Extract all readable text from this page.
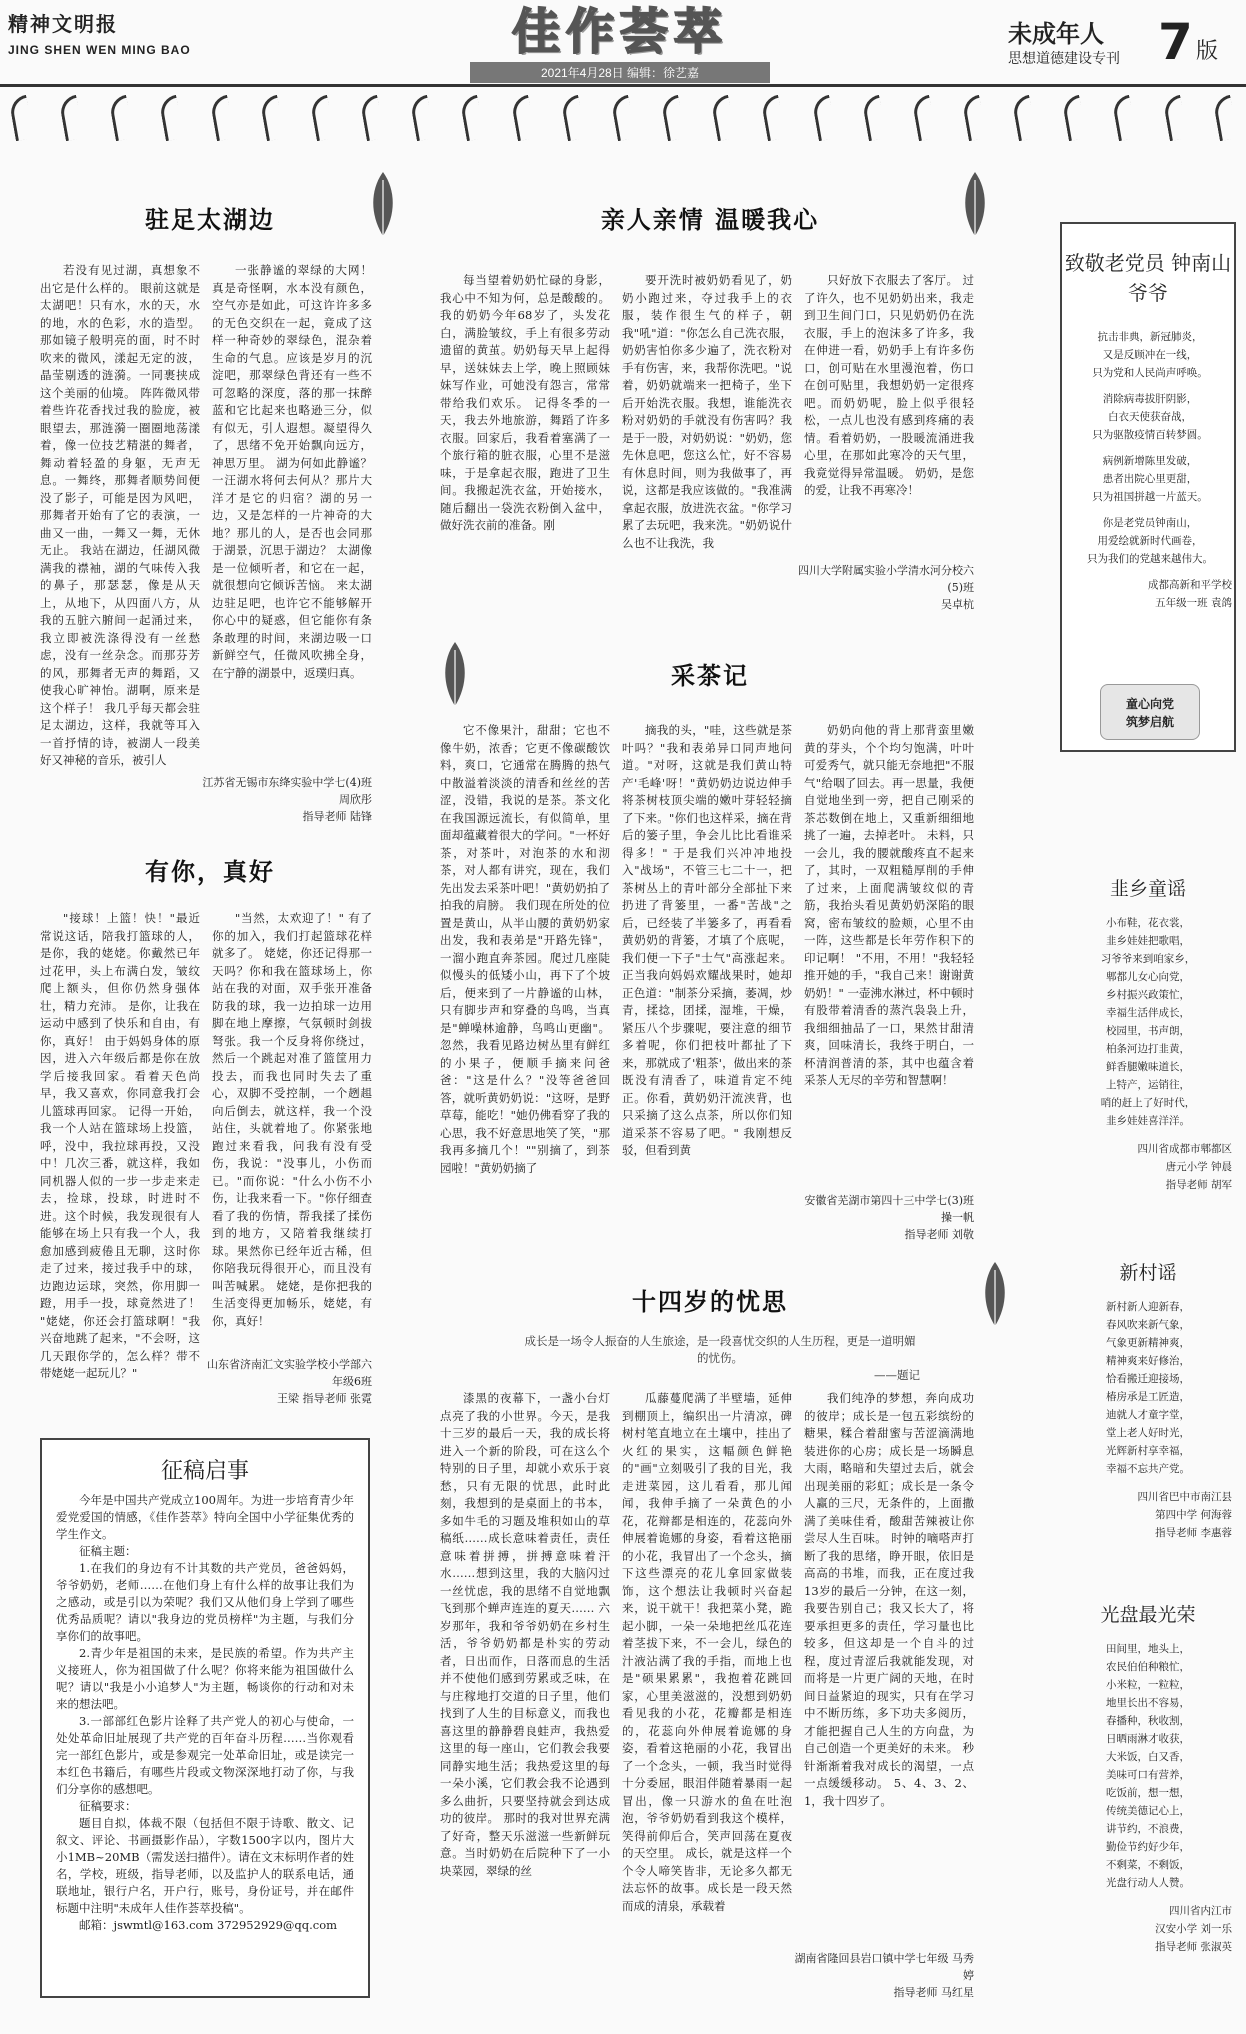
精神文明报
JING SHEN WEN MING BAO	佳作荟萃
2021年4月28日 编辑：徐艺嘉
未成年人
思想道德建设专刊 7 版
驻足太湖边

若没有见过湖，真想象不出它是什么样的。 眼前这就是太湖吧！只有水，水的天，水的地，水的色彩，水的造型。那如镜子般明亮的面，时不时吹来的微风，漾起无定的波，晶莹剔透的涟漪。一同裹挟成这个美丽的仙境。 阵阵微风带着些许花香找过我的脸庞，被眼望去，那涟漪一圈圈地荡漾着，像一位技艺精湛的舞者，舞动着轻盈的身躯，无声无息。一舞终，那舞者顺势间便没了影子，可能是因为风吧，那舞者开始有了它的表演，一曲又一曲，一舞又一舞，无休无止。 我站在湖边，任湖风微满我的襟袖，湖的气味传入我的鼻子，那瑟瑟，像是从天上，从地下，从四面八方，从我的五脏六腑间一起涌过来，我立即被洗涤得没有一丝愁虑，没有一丝杂念。而那芬芳的风，那舞者无声的舞蹈，又使我心旷神怡。湖啊，原来是这个样子！ 我几乎每天都会驻足太湖边，这样，我就等耳入一首抒情的诗，被湖人一段美好又神秘的音乐，被引人

一张静谧的翠绿的大网！真是奇怪啊，水本没有颜色，空气亦是如此，可这许许多多的无色交织在一起，竟成了这样一种奇妙的翠绿色，混杂着生命的气息。应该是岁月的沉淀吧，那翠绿色背还有一些不可忽略的深度，落的那一抹醉蓝和它比起来也略逊三分，似有似无，引人遐想。凝望得久了，思绪不免开始飘向远方，神思万里。 湖为何如此静谧？一汪湖水将何去何从？那片大洋才是它的归宿？湖的另一边，又是怎样的一片神奇的大地？那儿的人，是否也会同那于湖景，沉思于湖边？ 太湖像是一位倾听者，和它在一起，就很想向它倾诉苦恼。 来太湖边驻足吧，也许它不能够解开你心中的疑惑，但它能你有条条敢理的时间，来湖边吸一口新鲜空气，任微风吹拂全身，在宁静的湖景中，返璞归真。

江苏省无锡市东绛实验中学七(4)班周欣彤
指导老师 陆锋
有你，真好

"接球！上篮！快！"最近常说这话，陪我打篮球的人，是你，我的姥姥。你戴然已年过花甲，头上布满白发，皱纹爬上额头，但你仍然身强体壮，精力充沛。 是你，让我在运动中感到了快乐和自由，有你，真好！ 由于妈妈身体的原因，进入六年级后都是你在放学后接我回家。看着天色尚早，我又喜欢，你同意我打会儿篮球再回家。 记得一开始，我一个人站在篮球场上投篮，呼，没中，我拉球再投，又没中！几次三番，就这样，我如同机器人似的一步一步走来走去，捡球，投球，时进时不进。这个时候，我发现很有人能够在场上只有我一个人，我愈加感到疲倦且无聊，这时你走了过来，接过我手中的球，边跑边运球，突然，你用脚一蹬，用手一投，球竟然进了！ "姥姥，你还会打篮球啊！"我兴奋地跳了起来，"不会呀，这几天跟你学的，怎么样？带不带姥姥一起玩儿？"

"当然，太欢迎了！" 有了你的加入，我们打起篮球花样就多了。 姥姥，你还记得那一天吗？你和我在篮球场上，你站在我的对面，双手张开准备防我的球，我一边拍球一边用脚在地上摩擦，气氛顿时剑拔弩张。我一个反身将你绕过，然后一个跳起对准了篮筐用力投去，而我也同时失去了重心，双脚不受控制，一个趔趄向后倒去，就这样，我一个没站住，头就着地了。你紧张地跑过来看我，问我有没有受伤，我说："没事儿，小伤而已。"而你说："什么小伤不小伤，让我来看一下。"你仔细查看了我的伤情，帮我揉了揉伤到的地方，又陪着我继续打球。果然你已经年近古稀，但你陪我玩得很开心，而且没有叫苦喊累。 姥姥，是你把我的生活变得更加畅乐，姥姥，有你，真好！

山东省济南汇文实验学校小学部六年级6班
王梁 指导老师 张霓
征稿启事

今年是中国共产党成立100周年。为进一步培育青少年爱党爱国的情感，《佳作荟萃》特向全国中小学征集优秀的学生作文。

征稿主题：

1.在我们的身边有不计其数的共产党员，爸爸妈妈，爷爷奶奶，老师……在他们身上有什么样的故事让我们为之感动，或是引以为荣呢？我们又从他们身上学到了哪些优秀品质呢？请以"我身边的党员榜样"为主题，与我们分享你们的故事吧。

2.青少年是祖国的未来，是民族的希望。作为共产主义接班人，你为祖国做了什么呢？你将来能为祖国做什么呢？请以"我是小小追梦人"为主题，畅谈你的行动和对未来的想法吧。

3.一部部红色影片诠释了共产党人的初心与使命，一处处革命旧址展现了共产党的百年奋斗历程……当你观看完一部红色影片，或是参观完一处革命旧址，或是读完一本红色书籍后，有哪些片段或文物深深地打动了你，与我们分享你的感想吧。

征稿要求：

题目自拟，体裁不限（包括但不限于诗歌、散文、记叙文、评论、书画摄影作品），字数1500字以内，图片大小1MB~20MB（需发送扫描件）。请在文末标明作者的姓名，学校，班级，指导老师，以及监护人的联系电话，通联地址，银行户名，开户行，账号，身份证号，并在邮件标题中注明"未成年人佳作荟萃投稿"。

邮箱：jswmtl@163.com 372952929@qq.com

亲人亲情 温暖我心

每当望着奶奶忙碌的身影，我心中不知为何，总是酸酸的。 我的奶奶今年68岁了，头发花白，满脸皱纹，手上有很多劳动遗留的黄茧。奶奶每天早上起得早，送妹妹去上学，晚上照顾妹妹写作业，可她没有怨言，常常带给我们欢乐。 记得冬季的一天，我去外地旅游，舞蹈了许多衣服。回家后，我看着塞满了一个旅行箱的脏衣服，心里不是滋味，于是拿起衣服，跑进了卫生间。我搬起洗衣盆，开始接水，随后翻出一袋洗衣粉倒入盆中，做好洗衣前的准备。刚

要开洗时被奶奶看见了，奶奶小跑过来，夺过我手上的衣服，装作很生气的样子，朝我"吼"道："你怎么自己洗衣服，奶奶害怕你多少遍了，洗衣粉对手有伤害，来，我帮你洗吧。"说着，奶奶就端来一把椅子，坐下后开始洗衣服。我想，谁能洗衣粉对奶奶的手就没有伤害吗？我是于一股，对奶奶说："奶奶，您先休息吧，您这么忙，好不容易有休息时间，则为我做事了，再说，这都是我应该做的。"我准满拿起衣服，放进洗衣盆。"你学习累了去玩吧，我来洗。"奶奶说什么也不让我洗，我

只好放下衣服去了客厅。 过了许久，也不见奶奶出来，我走到卫生间门口，只见奶奶仍在洗衣服，手上的泡沫多了许多，我在伸进一看，奶奶手上有许多伤口，创可贴在水里漫泡着，伤口在创可贴里，我想奶奶一定很疼吧。而奶奶呢，脸上似乎很轻松，一点儿也没有感到疼痛的表情。看着奶奶，一股暖流涌进我心里，在那如此寒冷的天气里，我竟觉得异常温暖。 奶奶，是您的爱，让我不再寒冷！

四川大学附属实验小学清水河分校六(5)班
吴卓杭
采茶记

它不像果汁，甜甜；它也不像牛奶，浓香；它更不像碳酸饮料，爽口，它通常在腾腾的热气中散溢着淡淡的清香和丝丝的苦涩，没错，我说的是茶。茶文化在我国源远流长，有似简单，里面却蕴藏着很大的学问。"一杯好茶，对茶叶，对泡茶的水和沏茶，对人都有讲究，现在，我们先出发去采茶叶吧！"黄奶奶拍了拍我的肩膀。 我们现在所处的位置是黄山，从半山腰的黄奶奶家出发，我和表弟是"开路先锋"，一溜小跑直奔茶园。爬过几座陡似慢头的低矮小山，再下了个坡后，便来到了一片静谧的山林，只有脚步声和穿叠的鸟鸣，当真是"蝉噪林逾静，鸟鸣山更幽"。忽然，我看见路边树丛里有鲜红的小果子，便顺手摘来问爸爸："这是什么？"没等爸爸回答，就听黄奶奶说："这呀，是野草莓，能吃！"她仍佛看穿了我的心思，我不好意思地笑了笑，"那我再多摘几个！""别摘了，到茶园啦！"黄奶奶摘了

摘我的头，"哇，这些就是茶叶吗？"我和表弟异口同声地问道。"对呀，这就是我们黄山特产'毛峰'呀！"黄奶奶边说边伸手将茶树枝顶尖端的嫩叶芽轻轻摘了下来。"你们也这样采，摘在背后的篓子里，争会儿比比看谁采得多！" 于是我们兴冲冲地投入"战场"，不管三七二十一，把茶树丛上的青叶部分全部扯下来扔进了背篓里，一番"苦战"之后，已经装了半篓多了，再看看黄奶奶的背篓，才填了个底呢，我们便一下子"士气"高涨起来。 正当我向妈妈欢耀战果时，她却正色道："制茶分采摘，萎凋，炒青，揉捻，团揉，湿堆，干燥，紧压八个步骤呢，要注意的细节多着呢，你们把枝叶都扯了下来，那就成了'粗茶'，做出来的茶既没有清香了，味道肯定不纯正。你看，黄奶奶汗流浃背，也只采摘了这么点茶，所以你们知道采茶不容易了吧。" 我刚想反驳，但看到黄

奶奶向他的背上那背蛮里嫩黄的芽头，个个均匀饱满，叶叶可爱秀气，就只能无奈地把"不服气"给咽了回去。再一思量，我便自觉地坐到一旁，把自己刚采的茶芯数倒在地上，又重新细细地挑了一遍，去掉老叶。 未料，只一会儿，我的腰就酸疼直不起来了，其时，一双粗糙厚削的手伸了过来，上面爬满皱纹似的青筋，我抬头看见黄奶奶深陷的眼窝，密布皱纹的脸颊，心里不由一阵，这些都是长年劳作积下的印记啊！ "不用，不用！"我轻轻推开她的手，"我自己来！谢谢黄奶奶！" 一壶沸水淋过，杯中顿时有股带着清香的蒸汽袅袅上升，我细细抽品了一口，果然甘甜清爽，回味清长，我终于明白，一杯清润普清的茶，其中也蕴含着采茶人无尽的辛劳和智慧啊！

安徽省芜湖市第四十三中学七(3)班 操一帆
指导老师 刘敬
十四岁的忧思
成长是一场令人振奋的人生旅途，是一段喜忧交织的人生历程，更是一道明媚的忧伤。
——题记

漆黑的夜幕下，一盏小台灯点亮了我的小世界。今天，是我十三岁的最后一天，我的成长将进入一个新的阶段，可在这么个特别的日子里，却就小欢乐于哀愁，只有无限的忧思，此时此刻，我想到的是桌面上的书本，多如牛毛的习题及堆积如山的草稿纸……成长意味着责任，责任意味着拼搏，拼搏意味着汗水……想到这里，我的大脑闪过一丝忧虑，我的思绪不自觉地飘飞到那个蝉声连连的夏天…… 六岁那年，我和爷爷奶奶在乡村生活，爷爷奶奶都是朴实的劳动者，日出而作，日落而息的生活并不使他们感到劳累或乏味，在与庄稼地打交道的日子里，他们找到了人生的目标意义，而我也喜这里的静静碧良蛙声，我热爱这里的每一座山，它们教会我要同静实地生活；我热爱这里的每一朵小溪，它们教会我不论遇到多么曲折，只要坚持就会到达成功的彼岸。 那时的我对世界充满了好奇，整天乐滋滋一些新鲜玩意。当时奶奶在后院种下了一小块菜园，翠绿的丝

瓜藤蔓爬满了半壁墙，延伸到棚顶上，编织出一片清凉，碑树村笔直地立在土壤中，挂出了火红的果实，这幅颜色鲜艳的"画"立刻吸引了我的目光，我走进菜园，这儿看看，那儿闻闻，我伸手摘了一朵黄色的小花，花辩都是相连的，花蕊向外伸展着诡娜的身姿，看着这艳丽的小花，我冒出了一个念头，摘下这些漂亮的花儿拿回家做装饰，这个想法让我顿时兴奋起来，说干就干！我把菜小凳，跪起小脚，一朵一朵地把丝瓜花连着茎拔下来，不一会儿，绿色的汁液沾满了我的手指，而地上也是"硕果累累"，我抱着花跳回家，心里美滋滋的，没想到奶奶看见我的小花，花瓣都是相连的，花蕊向外伸展着诡娜的身姿，看着这艳丽的小花，我冒出了一个念头，一顿，我当时觉得十分委屈，眼泪伴随着暴雨一起冒出，像一只游水的鱼在吐泡泡，爷爷奶奶看到我这个模样，笑得前仰后合，笑声回荡在夏夜的天空里。 成长，就是这样一个个令人啼笑皆非，无论多久都无法忘怀的故事。成长是一段天然而成的清泉，承载着

我们纯净的梦想，奔向成功的彼岸；成长是一包五彩缤纷的糖果，糅合着甜蜜与苦涩滴满地装进你的心房；成长是一场瞬息大雨，略暗和失望过去后，就会出现美丽的彩虹；成长是一条令人赢的三尺，无条件的，上面撒满了美味佳肴，酸甜苦辣被让你尝尽人生百味。 时钟的嘀嗒声打断了我的思绪，睁开眼，依旧是高高的书堆，而我，正在度过我13岁的最后一分钟，在这一刻，我要告别自己；我又长大了，将要承担更多的责任，学习量也比较多，但这却是一个自斗的过程，度过青涩后我就能发现，对而将是一片更广阔的天地，在时间日益紧迫的现实，只有在学习中不断历练，多下功夫多阅历，才能把握自己人生的方向盘，为自己创造一个更美好的未来。 秒针渐渐着我对成长的渴望，一点一点缓缓移动。 5、4、3、2、1，我十四岁了。

湖南省隆回县岩口镇中学七年级 马秀婷
指导老师 马红星
致敬老党员 钟南山爷爷
抗击非典，新冠肺炎，
又是反顾冲在一线，
只为党和人民尚声呼唤。
消除病毒拔肝阴影，
白衣天使获奋战，
只为驱散疫情百转梦圆。
病例新增陈里发破，
患者出院心里更甜，
只为祖国拼越一片蓝天。
你是老党员钟南山，
用爱绘就新时代画卷，
只为我们的党越来越伟大。
成都高新和平学校
五年级一班 袁鸽
童心向党
筑梦启航
韭乡童谣
小布鞋，花衣裳，
韭乡娃娃把歌唱，
习爷爷来到咱家乡，
郫都儿女心向党，
乡村振兴政策忙，
幸福生活伴成长，
校园里，书声朗，
柏条河边打韭黄，
鲜香腿嫩味道长，
上特产，运销往，
哨的赶上了好时代，
韭乡娃娃喜洋洋。
四川省成都市郫都区
唐元小学 钟晨
指导老师 胡军
新村谣
新村新人迎新春，
春风吹来新气象，
气象更新精神爽，
精神爽来好修治，
恰看搬迁迎接场，
椿房承是工匠造，
迪就人才童字堂，
堂上老人好时光，
光辉新村享幸福，
幸福不忘共产党。
四川省巴中市南江县
第四中学 何海蓉
指导老师 李惠蓉
光盘最光荣
田间里，地头上，
农民伯伯种粮忙，
小米粒，一粒粒，
地里长出不容易，
春播种，秋收割，
日晒雨淋才收获，
大米饭，白又香，
美味可口有营养，
吃饭前，想一想，
传统美德记心上，
讲节约，不浪费，
勤俭节约好少年，
不剩菜，不剩饭，
光盘行动人人赞。
四川省内江市
汉安小学 刘一乐
指导老师 张淑英
